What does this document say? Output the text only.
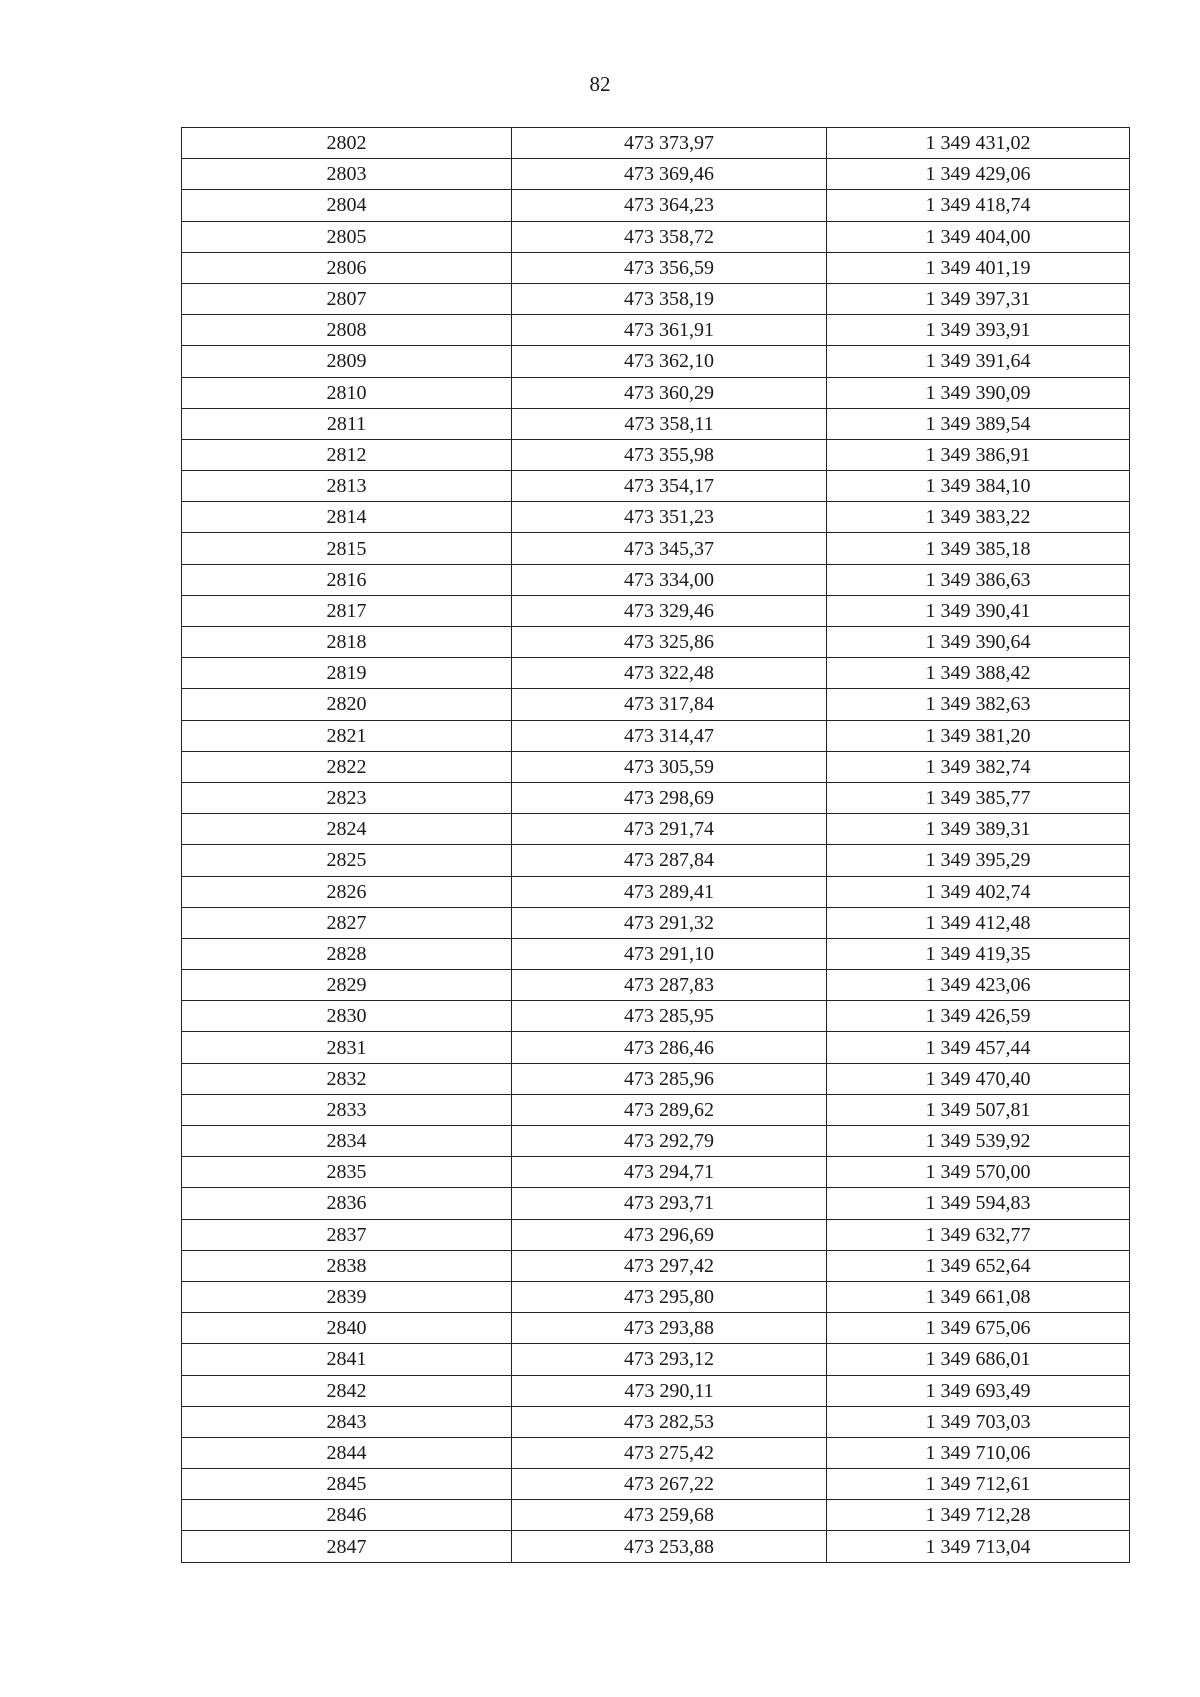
82
2802	473 373,97	1 349 431,02
2803	473 369,46	1 349 429,06
2804	473 364,23	1 349 418,74
2805	473 358,72	1 349 404,00
2806	473 356,59	1 349 401,19
2807	473 358,19	1 349 397,31
2808	473 361,91	1 349 393,91
2809	473 362,10	1 349 391,64
2810	473 360,29	1 349 390,09
2811	473 358,11	1 349 389,54
2812	473 355,98	1 349 386,91
2813	473 354,17	1 349 384,10
2814	473 351,23	1 349 383,22
2815	473 345,37	1 349 385,18
2816	473 334,00	1 349 386,63
2817	473 329,46	1 349 390,41
2818	473 325,86	1 349 390,64
2819	473 322,48	1 349 388,42
2820	473 317,84	1 349 382,63
2821	473 314,47	1 349 381,20
2822	473 305,59	1 349 382,74
2823	473 298,69	1 349 385,77
2824	473 291,74	1 349 389,31
2825	473 287,84	1 349 395,29
2826	473 289,41	1 349 402,74
2827	473 291,32	1 349 412,48
2828	473 291,10	1 349 419,35
2829	473 287,83	1 349 423,06
2830	473 285,95	1 349 426,59
2831	473 286,46	1 349 457,44
2832	473 285,96	1 349 470,40
2833	473 289,62	1 349 507,81
2834	473 292,79	1 349 539,92
2835	473 294,71	1 349 570,00
2836	473 293,71	1 349 594,83
2837	473 296,69	1 349 632,77
2838	473 297,42	1 349 652,64
2839	473 295,80	1 349 661,08
2840	473 293,88	1 349 675,06
2841	473 293,12	1 349 686,01
2842	473 290,11	1 349 693,49
2843	473 282,53	1 349 703,03
2844	473 275,42	1 349 710,06
2845	473 267,22	1 349 712,61
2846	473 259,68	1 349 712,28
2847	473 253,88	1 349 713,04
